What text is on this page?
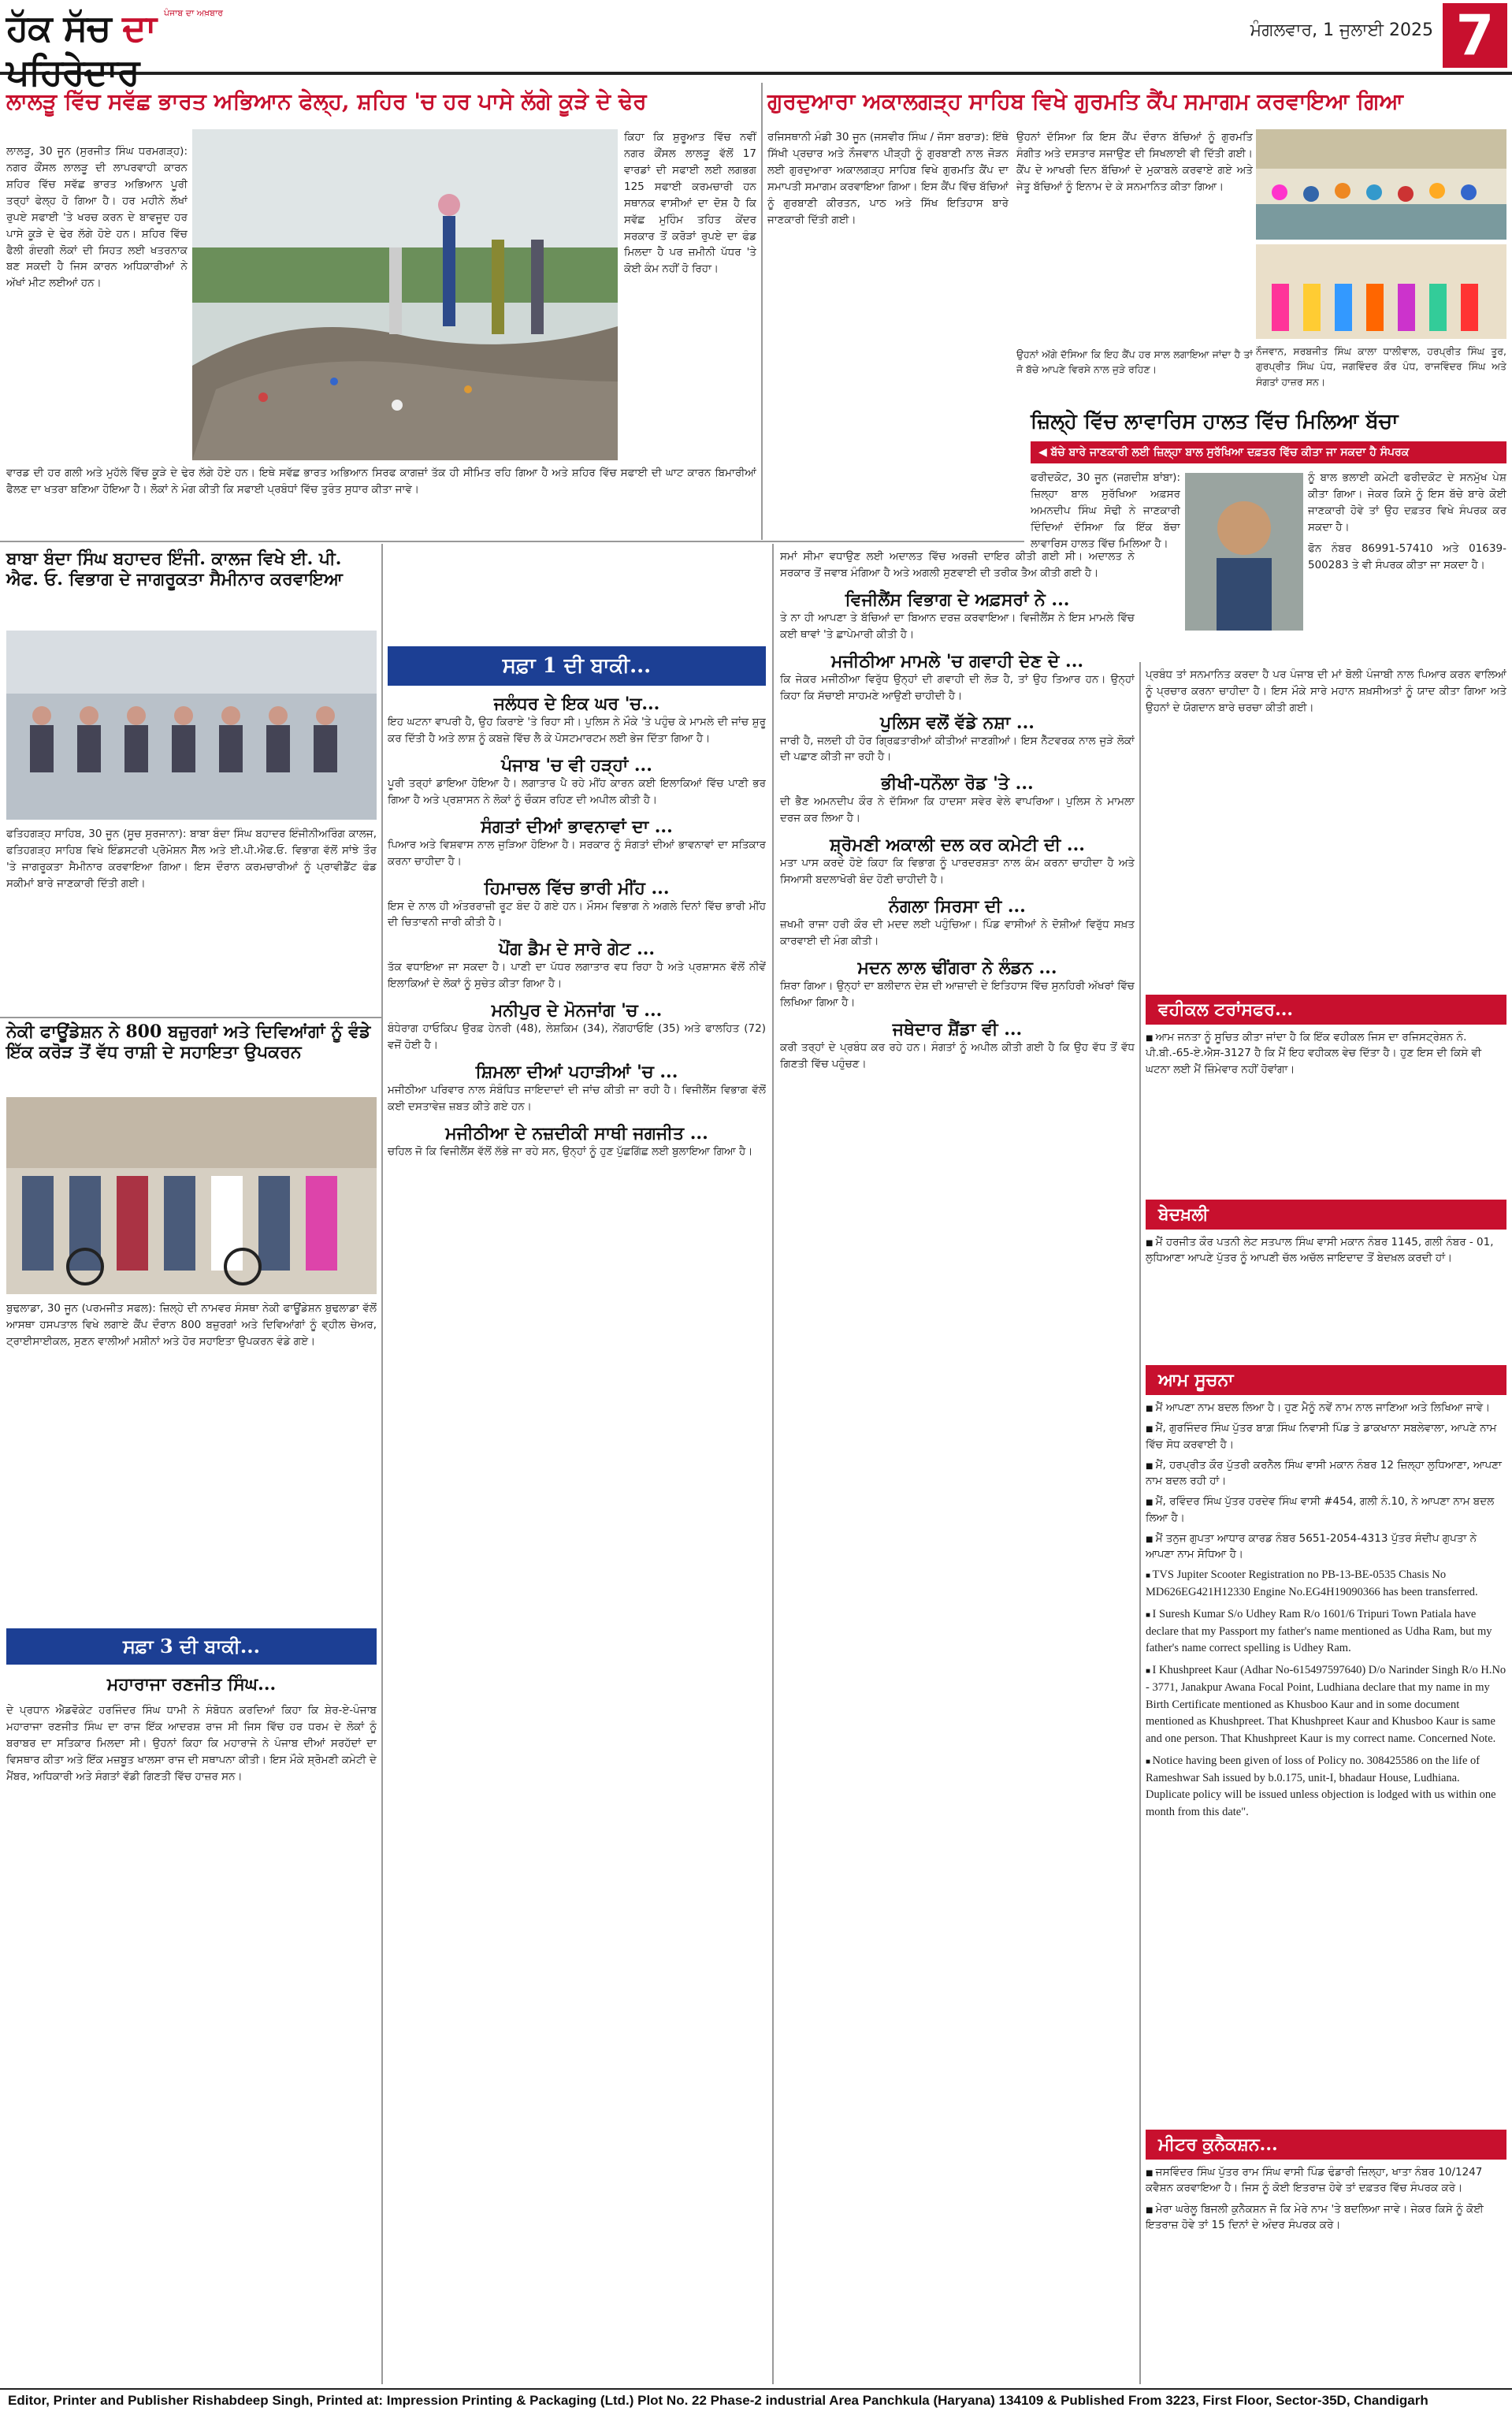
ਹੱਕ ਸੱਚ ਦਾ ਪਹਿਰੇਦਾਰ
ਪੰਜਾਬ ਦਾ ਅਖ਼ਬਾਰ
ਮੰਗਲਵਾਰ, 1 ਜੁਲਾਈ 2025 7
ਲਾਲੜੂ ਵਿੱਚ ਸਵੱਛ ਭਾਰਤ ਅਭਿਆਨ ਫੇਲ੍ਹ, ਸ਼ਹਿਰ 'ਚ ਹਰ ਪਾਸੇ ਲੱਗੇ ਕੂੜੇ ਦੇ ਢੇਰ

ਲਾਲੜੂ, 30 ਜੂਨ (ਸੁਰਜੀਤ ਸਿੰਘ ਧਰਮਗੜ੍ਹ): ਨਗਰ ਕੌਂਸਲ ਲਾਲੜੂ ਦੀ ਲਾਪਰਵਾਹੀ ਕਾਰਨ ਸ਼ਹਿਰ ਵਿੱਚ ਸਵੱਛ ਭਾਰਤ ਅਭਿਆਨ ਪੂਰੀ ਤਰ੍ਹਾਂ ਫੇਲ੍ਹ ਹੋ ਗਿਆ ਹੈ। ਹਰ ਮਹੀਨੇ ਲੱਖਾਂ ਰੁਪਏ ਸਫਾਈ 'ਤੇ ਖਰਚ ਕਰਨ ਦੇ ਬਾਵਜੂਦ ਹਰ ਪਾਸੇ ਕੂੜੇ ਦੇ ਢੇਰ ਲੱਗੇ ਹੋਏ ਹਨ। ਸ਼ਹਿਰ ਵਿੱਚ ਫੈਲੀ ਗੰਦਗੀ ਲੋਕਾਂ ਦੀ ਸਿਹਤ ਲਈ ਖਤਰਨਾਕ ਬਣ ਸਕਦੀ ਹੈ ਜਿਸ ਕਾਰਨ ਅਧਿਕਾਰੀਆਂ ਨੇ ਅੱਖਾਂ ਮੀਟ ਲਈਆਂ ਹਨ।

ਕਿਹਾ ਕਿ ਸ਼ੁਰੂਆਤ ਵਿੱਚ ਨਵੀਂ ਨਗਰ ਕੌਂਸਲ ਲਾਲੜੂ ਵੱਲੋਂ 17 ਵਾਰਡਾਂ ਦੀ ਸਫਾਈ ਲਈ ਲਗਭਗ 125 ਸਫਾਈ ਕਰਮਚਾਰੀ ਹਨ ਸਥਾਨਕ ਵਾਸੀਆਂ ਦਾ ਦੋਸ਼ ਹੈ ਕਿ ਸਵੱਛ ਮੁਹਿੰਮ ਤਹਿਤ ਕੇਂਦਰ ਸਰਕਾਰ ਤੋਂ ਕਰੋੜਾਂ ਰੁਪਏ ਦਾ ਫੰਡ ਮਿਲਦਾ ਹੈ ਪਰ ਜ਼ਮੀਨੀ ਪੱਧਰ 'ਤੇ ਕੋਈ ਕੰਮ ਨਹੀਂ ਹੋ ਰਿਹਾ।

ਵਾਰਡ ਦੀ ਹਰ ਗਲੀ ਅਤੇ ਮੁਹੱਲੇ ਵਿੱਚ ਕੂੜੇ ਦੇ ਢੇਰ ਲੱਗੇ ਹੋਏ ਹਨ। ਇਥੇ ਸਵੱਛ ਭਾਰਤ ਅਭਿਆਨ ਸਿਰਫ ਕਾਗਜ਼ਾਂ ਤੱਕ ਹੀ ਸੀਮਿਤ ਰਹਿ ਗਿਆ ਹੈ ਅਤੇ ਸ਼ਹਿਰ ਵਿੱਚ ਸਫਾਈ ਦੀ ਘਾਟ ਕਾਰਨ ਬਿਮਾਰੀਆਂ ਫੈਲਣ ਦਾ ਖਤਰਾ ਬਣਿਆ ਹੋਇਆ ਹੈ। ਲੋਕਾਂ ਨੇ ਮੰਗ ਕੀਤੀ ਕਿ ਸਫਾਈ ਪ੍ਰਬੰਧਾਂ ਵਿੱਚ ਤੁਰੰਤ ਸੁਧਾਰ ਕੀਤਾ ਜਾਵੇ।

ਗੁਰਦੁਆਰਾ ਅਕਾਲਗੜ੍ਹ ਸਾਹਿਬ ਵਿਖੇ ਗੁਰਮਤਿ ਕੈਂਪ ਸਮਾਗਮ ਕਰਵਾਇਆ ਗਿਆ

ਰਜਿਸਥਾਨੀ ਮੰਡੀ 30 ਜੂਨ (ਜਸਵੀਰ ਸਿੰਘ / ਜੱਸਾ ਬਰਾੜ): ਇੱਥੇ ਸਿੱਖੀ ਪ੍ਰਚਾਰ ਅਤੇ ਨੌਜਵਾਨ ਪੀੜ੍ਹੀ ਨੂੰ ਗੁਰਬਾਣੀ ਨਾਲ ਜੋੜਨ ਲਈ ਗੁਰਦੁਆਰਾ ਅਕਾਲਗੜ੍ਹ ਸਾਹਿਬ ਵਿਖੇ ਗੁਰਮਤਿ ਕੈਂਪ ਦਾ ਸਮਾਪਤੀ ਸਮਾਗਮ ਕਰਵਾਇਆ ਗਿਆ। ਇਸ ਕੈਂਪ ਵਿੱਚ ਬੱਚਿਆਂ ਨੂੰ ਗੁਰਬਾਣੀ ਕੀਰਤਨ, ਪਾਠ ਅਤੇ ਸਿੱਖ ਇਤਿਹਾਸ ਬਾਰੇ ਜਾਣਕਾਰੀ ਦਿੱਤੀ ਗਈ।

ਉਹਨਾਂ ਦੱਸਿਆ ਕਿ ਇਸ ਕੈਂਪ ਦੌਰਾਨ ਬੱਚਿਆਂ ਨੂੰ ਗੁਰਮਤਿ ਸੰਗੀਤ ਅਤੇ ਦਸਤਾਰ ਸਜਾਉਣ ਦੀ ਸਿਖਲਾਈ ਵੀ ਦਿੱਤੀ ਗਈ। ਕੈਂਪ ਦੇ ਆਖਰੀ ਦਿਨ ਬੱਚਿਆਂ ਦੇ ਮੁਕਾਬਲੇ ਕਰਵਾਏ ਗਏ ਅਤੇ ਜੇਤੂ ਬੱਚਿਆਂ ਨੂੰ ਇਨਾਮ ਦੇ ਕੇ ਸਨਮਾਨਿਤ ਕੀਤਾ ਗਿਆ।

ਉਹਨਾਂ ਅੱਗੇ ਦੱਸਿਆ ਕਿ ਇਹ ਕੈਂਪ ਹਰ ਸਾਲ ਲਗਾਇਆ ਜਾਂਦਾ ਹੈ ਤਾਂ ਜੋ ਬੱਚੇ ਆਪਣੇ ਵਿਰਸੇ ਨਾਲ ਜੁੜੇ ਰਹਿਣ।

ਨੌਜਵਾਨ, ਸਰਬਜੀਤ ਸਿੰਘ ਕਾਲਾ ਧਾਲੀਵਾਲ, ਹਰਪ੍ਰੀਤ ਸਿੰਘ ਤੂਰ, ਗੁਰਪ੍ਰੀਤ ਸਿੰਘ ਪੰਧ, ਜਗਵਿੰਦਰ ਕੌਰ ਪੰਧ, ਰਾਜਵਿੰਦਰ ਸਿੰਘ ਅਤੇ ਸੰਗਤਾਂ ਹਾਜ਼ਰ ਸਨ।

ਜ਼ਿਲ੍ਹੇ ਵਿੱਚ ਲਾਵਾਰਿਸ ਹਾਲਤ ਵਿੱਚ ਮਿਲਿਆ ਬੱਚਾ
◀ ਬੱਚੇ ਬਾਰੇ ਜਾਣਕਾਰੀ ਲਈ ਜ਼ਿਲ੍ਹਾ ਬਾਲ ਸੁਰੱਖਿਆ ਦਫ਼ਤਰ ਵਿੱਚ ਕੀਤਾ ਜਾ ਸਕਦਾ ਹੈ ਸੰਪਰਕ

ਫਰੀਦਕੋਟ, 30 ਜੂਨ (ਜਗਦੀਸ਼ ਬਾਂਬਾ): ਜ਼ਿਲ੍ਹਾ ਬਾਲ ਸੁਰੱਖਿਆ ਅਫ਼ਸਰ ਅਮਨਦੀਪ ਸਿੰਘ ਸੋਢੀ ਨੇ ਜਾਣਕਾਰੀ ਦਿੰਦਿਆਂ ਦੱਸਿਆ ਕਿ ਇੱਕ ਬੱਚਾ ਲਾਵਾਰਿਸ ਹਾਲਤ ਵਿੱਚ ਮਿਲਿਆ ਹੈ।

ਨੂੰ ਬਾਲ ਭਲਾਈ ਕਮੇਟੀ ਫਰੀਦਕੋਟ ਦੇ ਸਨਮੁੱਖ ਪੇਸ਼ ਕੀਤਾ ਗਿਆ। ਜੇਕਰ ਕਿਸੇ ਨੂੰ ਇਸ ਬੱਚੇ ਬਾਰੇ ਕੋਈ ਜਾਣਕਾਰੀ ਹੋਵੇ ਤਾਂ ਉਹ ਦਫ਼ਤਰ ਵਿਖੇ ਸੰਪਰਕ ਕਰ ਸਕਦਾ ਹੈ।

ਫੋਨ ਨੰਬਰ 86991-57410 ਅਤੇ 01639-500283 ਤੇ ਵੀ ਸੰਪਰਕ ਕੀਤਾ ਜਾ ਸਕਦਾ ਹੈ।

ਬਾਬਾ ਬੰਦਾ ਸਿੰਘ ਬਹਾਦਰ ਇੰਜੀ. ਕਾਲਜ ਵਿਖੇ ਈ. ਪੀ. ਐਫ. ਓ. ਵਿਭਾਗ ਦੇ ਜਾਗਰੂਕਤਾ ਸੈਮੀਨਾਰ ਕਰਵਾਇਆ

ਫਤਿਹਗੜ੍ਹ ਸਾਹਿਬ, 30 ਜੂਨ (ਸੂਚ ਸੁਰਜਾਨਾ): ਬਾਬਾ ਬੰਦਾ ਸਿੰਘ ਬਹਾਦਰ ਇੰਜੀਨੀਅਰਿੰਗ ਕਾਲਜ, ਫਤਿਹਗੜ੍ਹ ਸਾਹਿਬ ਵਿਖੇ ਇੰਡਸਟਰੀ ਪ੍ਰੋਮੋਸ਼ਨ ਸੈੱਲ ਅਤੇ ਈ.ਪੀ.ਐਫ.ਓ. ਵਿਭਾਗ ਵੱਲੋਂ ਸਾਂਝੇ ਤੌਰ 'ਤੇ ਜਾਗਰੂਕਤਾ ਸੈਮੀਨਾਰ ਕਰਵਾਇਆ ਗਿਆ। ਇਸ ਦੌਰਾਨ ਕਰਮਚਾਰੀਆਂ ਨੂੰ ਪ੍ਰਾਵੀਡੈਂਟ ਫੰਡ ਸਕੀਮਾਂ ਬਾਰੇ ਜਾਣਕਾਰੀ ਦਿੱਤੀ ਗਈ।

ਨੇਕੀ ਫਾਊਂਡੇਸ਼ਨ ਨੇ 800 ਬਜ਼ੁਰਗਾਂ ਅਤੇ ਦਿਵਿਆਂਗਾਂ ਨੂੰ ਵੰਡੇ ਇੱਕ ਕਰੋੜ ਤੋਂ ਵੱਧ ਰਾਸ਼ੀ ਦੇ ਸਹਾਇਤਾ ਉਪਕਰਨ

ਬੁਢਲਾਡਾ, 30 ਜੂਨ (ਪਰਮਜੀਤ ਸਫਲ): ਜ਼ਿਲ੍ਹੇ ਦੀ ਨਾਮਵਰ ਸੰਸਥਾ ਨੇਕੀ ਫਾਊਂਡੇਸ਼ਨ ਬੁਢਲਾਡਾ ਵੱਲੋਂ ਆਸਥਾ ਹਸਪਤਾਲ ਵਿਖੇ ਲਗਾਏ ਕੈਂਪ ਦੌਰਾਨ 800 ਬਜ਼ੁਰਗਾਂ ਅਤੇ ਦਿਵਿਆਂਗਾਂ ਨੂੰ ਵ੍ਹੀਲ ਚੇਅਰ, ਟ੍ਰਾਈਸਾਈਕਲ, ਸੁਣਨ ਵਾਲੀਆਂ ਮਸ਼ੀਨਾਂ ਅਤੇ ਹੋਰ ਸਹਾਇਤਾ ਉਪਕਰਨ ਵੰਡੇ ਗਏ।

ਸਫ਼ਾ 3 ਦੀ ਬਾਕੀ...
ਮਹਾਰਾਜਾ ਰਣਜੀਤ ਸਿੰਘ...

ਦੇ ਪ੍ਰਧਾਨ ਐਡਵੋਕੇਟ ਹਰਜਿੰਦਰ ਸਿੰਘ ਧਾਮੀ ਨੇ ਸੰਬੋਧਨ ਕਰਦਿਆਂ ਕਿਹਾ ਕਿ ਸ਼ੇਰ-ਏ-ਪੰਜਾਬ ਮਹਾਰਾਜਾ ਰਣਜੀਤ ਸਿੰਘ ਦਾ ਰਾਜ ਇੱਕ ਆਦਰਸ਼ ਰਾਜ ਸੀ ਜਿਸ ਵਿੱਚ ਹਰ ਧਰਮ ਦੇ ਲੋਕਾਂ ਨੂੰ ਬਰਾਬਰ ਦਾ ਸਤਿਕਾਰ ਮਿਲਦਾ ਸੀ। ਉਹਨਾਂ ਕਿਹਾ ਕਿ ਮਹਾਰਾਜੇ ਨੇ ਪੰਜਾਬ ਦੀਆਂ ਸਰਹੱਦਾਂ ਦਾ ਵਿਸਥਾਰ ਕੀਤਾ ਅਤੇ ਇੱਕ ਮਜ਼ਬੂਤ ਖਾਲਸਾ ਰਾਜ ਦੀ ਸਥਾਪਨਾ ਕੀਤੀ। ਇਸ ਮੌਕੇ ਸ਼੍ਰੋਮਣੀ ਕਮੇਟੀ ਦੇ ਮੈਂਬਰ, ਅਧਿਕਾਰੀ ਅਤੇ ਸੰਗਤਾਂ ਵੱਡੀ ਗਿਣਤੀ ਵਿੱਚ ਹਾਜ਼ਰ ਸਨ।

ਸਫ਼ਾ 1 ਦੀ ਬਾਕੀ...
ਜਲੰਧਰ ਦੇ ਇਕ ਘਰ 'ਚ...

ਇਹ ਘਟਨਾ ਵਾਪਰੀ ਹੈ, ਉਹ ਕਿਰਾਏ 'ਤੇ ਰਿਹਾ ਸੀ। ਪੁਲਿਸ ਨੇ ਮੌਕੇ 'ਤੇ ਪਹੁੰਚ ਕੇ ਮਾਮਲੇ ਦੀ ਜਾਂਚ ਸ਼ੁਰੂ ਕਰ ਦਿੱਤੀ ਹੈ ਅਤੇ ਲਾਸ਼ ਨੂੰ ਕਬਜ਼ੇ ਵਿੱਚ ਲੈ ਕੇ ਪੋਸਟਮਾਰਟਮ ਲਈ ਭੇਜ ਦਿੱਤਾ ਗਿਆ ਹੈ।

ਪੰਜਾਬ 'ਚ ਵੀ ਹੜ੍ਹਾਂ ...

ਪੂਰੀ ਤਰ੍ਹਾਂ ਡਾਇਆ ਹੋਇਆ ਹੈ। ਲਗਾਤਾਰ ਪੈ ਰਹੇ ਮੀਂਹ ਕਾਰਨ ਕਈ ਇਲਾਕਿਆਂ ਵਿੱਚ ਪਾਣੀ ਭਰ ਗਿਆ ਹੈ ਅਤੇ ਪ੍ਰਸ਼ਾਸਨ ਨੇ ਲੋਕਾਂ ਨੂੰ ਚੌਕਸ ਰਹਿਣ ਦੀ ਅਪੀਲ ਕੀਤੀ ਹੈ।

ਸੰਗਤਾਂ ਦੀਆਂ ਭਾਵਨਾਵਾਂ ਦਾ ...

ਪਿਆਰ ਅਤੇ ਵਿਸ਼ਵਾਸ ਨਾਲ ਜੁੜਿਆ ਹੋਇਆ ਹੈ। ਸਰਕਾਰ ਨੂੰ ਸੰਗਤਾਂ ਦੀਆਂ ਭਾਵਨਾਵਾਂ ਦਾ ਸਤਿਕਾਰ ਕਰਨਾ ਚਾਹੀਦਾ ਹੈ।

ਹਿਮਾਚਲ ਵਿੱਚ ਭਾਰੀ ਮੀਂਹ ...

ਇਸ ਦੇ ਨਾਲ ਹੀ ਅੰਤਰਰਾਜ਼ੀ ਰੂਟ ਬੰਦ ਹੋ ਗਏ ਹਨ। ਮੌਸਮ ਵਿਭਾਗ ਨੇ ਅਗਲੇ ਦਿਨਾਂ ਵਿੱਚ ਭਾਰੀ ਮੀਂਹ ਦੀ ਚਿਤਾਵਨੀ ਜਾਰੀ ਕੀਤੀ ਹੈ।

ਪੌਂਗ ਡੈਮ ਦੇ ਸਾਰੇ ਗੇਟ ...

ਤੱਕ ਵਧਾਇਆ ਜਾ ਸਕਦਾ ਹੈ। ਪਾਣੀ ਦਾ ਪੱਧਰ ਲਗਾਤਾਰ ਵਧ ਰਿਹਾ ਹੈ ਅਤੇ ਪ੍ਰਸ਼ਾਸਨ ਵੱਲੋਂ ਨੀਵੇਂ ਇਲਾਕਿਆਂ ਦੇ ਲੋਕਾਂ ਨੂੰ ਸੁਚੇਤ ਕੀਤਾ ਗਿਆ ਹੈ।

ਮਨੀਪੁਰ ਦੇ ਮੋਨਜਾਂਗ 'ਚ ...

ਬੰਧੇਰਾਗ ਹਾਓਕਿਪ ਉਰਫ਼ ਹੇਨਰੀ (48), ਲੇਸ਼ਕਿਮ (34), ਨੇਂਗਹਾਓਇ (35) ਅਤੇ ਫਾਲਹਿਤ (72) ਵਜੋਂ ਹੋਈ ਹੈ।

ਸ਼ਿਮਲਾ ਦੀਆਂ ਪਹਾੜੀਆਂ 'ਚ ...

ਮਜੀਠੀਆ ਪਰਿਵਾਰ ਨਾਲ ਸੰਬੰਧਿਤ ਜਾਇਦਾਦਾਂ ਦੀ ਜਾਂਚ ਕੀਤੀ ਜਾ ਰਹੀ ਹੈ। ਵਿਜੀਲੈਂਸ ਵਿਭਾਗ ਵੱਲੋਂ ਕਈ ਦਸਤਾਵੇਜ਼ ਜ਼ਬਤ ਕੀਤੇ ਗਏ ਹਨ।

ਮਜੀਠੀਆ ਦੇ ਨਜ਼ਦੀਕੀ ਸਾਥੀ ਜਗਜੀਤ ...

ਚਹਿਲ ਜੋ ਕਿ ਵਿਜੀਲੈਂਸ ਵੱਲੋਂ ਲੱਭੇ ਜਾ ਰਹੇ ਸਨ, ਉਨ੍ਹਾਂ ਨੂੰ ਹੁਣ ਪੁੱਛਗਿੱਛ ਲਈ ਬੁਲਾਇਆ ਗਿਆ ਹੈ।

ਸਮਾਂ ਸੀਮਾ ਵਧਾਉਣ ਲਈ ਅਦਾਲਤ ਵਿੱਚ ਅਰਜ਼ੀ ਦਾਇਰ ਕੀਤੀ ਗਈ ਸੀ। ਅਦਾਲਤ ਨੇ ਸਰਕਾਰ ਤੋਂ ਜਵਾਬ ਮੰਗਿਆ ਹੈ ਅਤੇ ਅਗਲੀ ਸੁਣਵਾਈ ਦੀ ਤਰੀਕ ਤੈਅ ਕੀਤੀ ਗਈ ਹੈ।

ਵਿਜੀਲੈਂਸ ਵਿਭਾਗ ਦੇ ਅਫ਼ਸਰਾਂ ਨੇ ...

ਤੇ ਨਾ ਹੀ ਆਪਣਾ ਤੇ ਬੱਚਿਆਂ ਦਾ ਬਿਆਨ ਦਰਜ਼ ਕਰਵਾਇਆ। ਵਿਜੀਲੈਂਸ ਨੇ ਇਸ ਮਾਮਲੇ ਵਿੱਚ ਕਈ ਥਾਵਾਂ 'ਤੇ ਛਾਪੇਮਾਰੀ ਕੀਤੀ ਹੈ।

ਮਜੀਠੀਆ ਮਾਮਲੇ 'ਚ ਗਵਾਹੀ ਦੇਣ ਦੇ ...

ਕਿ ਜੇਕਰ ਮਜੀਠੀਆ ਵਿਰੁੱਧ ਉਨ੍ਹਾਂ ਦੀ ਗਵਾਹੀ ਦੀ ਲੋੜ ਹੈ, ਤਾਂ ਉਹ ਤਿਆਰ ਹਨ। ਉਨ੍ਹਾਂ ਕਿਹਾ ਕਿ ਸੱਚਾਈ ਸਾਹਮਣੇ ਆਉਣੀ ਚਾਹੀਦੀ ਹੈ।

ਪੁਲਿਸ ਵਲੋਂ ਵੱਡੇ ਨਸ਼ਾ ...

ਜਾਰੀ ਹੈ, ਜਲਦੀ ਹੀ ਹੋਰ ਗ੍ਰਿਫ਼ਤਾਰੀਆਂ ਕੀਤੀਆਂ ਜਾਣਗੀਆਂ। ਇਸ ਨੈੱਟਵਰਕ ਨਾਲ ਜੁੜੇ ਲੋਕਾਂ ਦੀ ਪਛਾਣ ਕੀਤੀ ਜਾ ਰਹੀ ਹੈ।

ਭੀਖੀ-ਧਨੌਲਾ ਰੋਡ 'ਤੇ ...

ਦੀ ਭੈਣ ਅਮਨਦੀਪ ਕੌਰ ਨੇ ਦੱਸਿਆ ਕਿ ਹਾਦਸਾ ਸਵੇਰ ਵੇਲੇ ਵਾਪਰਿਆ। ਪੁਲਿਸ ਨੇ ਮਾਮਲਾ ਦਰਜ ਕਰ ਲਿਆ ਹੈ।

ਸ਼੍ਰੋਮਣੀ ਅਕਾਲੀ ਦਲ ਕਰ ਕਮੇਟੀ ਦੀ ...

ਮਤਾ ਪਾਸ ਕਰਦੇ ਹੋਏ ਕਿਹਾ ਕਿ ਵਿਭਾਗ ਨੂੰ ਪਾਰਦਰਸ਼ਤਾ ਨਾਲ ਕੰਮ ਕਰਨਾ ਚਾਹੀਦਾ ਹੈ ਅਤੇ ਸਿਆਸੀ ਬਦਲਾਖੋਰੀ ਬੰਦ ਹੋਣੀ ਚਾਹੀਦੀ ਹੈ।

ਨੰਗਲਾ ਸਿਰਸਾ ਦੀ ...

ਜ਼ਖਮੀ ਰਾਜਾ ਹਰੀ ਕੌਰ ਦੀ ਮਦਦ ਲਈ ਪਹੁੰਚਿਆ। ਪਿੰਡ ਵਾਸੀਆਂ ਨੇ ਦੋਸ਼ੀਆਂ ਵਿਰੁੱਧ ਸਖ਼ਤ ਕਾਰਵਾਈ ਦੀ ਮੰਗ ਕੀਤੀ।

ਮਦਨ ਲਾਲ ਢੀਂਗਰਾ ਨੇ ਲੰਡਨ ...

ਸ਼ਿਰਾ ਗਿਆ। ਉਨ੍ਹਾਂ ਦਾ ਬਲੀਦਾਨ ਦੇਸ਼ ਦੀ ਆਜ਼ਾਦੀ ਦੇ ਇਤਿਹਾਸ ਵਿੱਚ ਸੁਨਹਿਰੀ ਅੱਖਰਾਂ ਵਿੱਚ ਲਿਖਿਆ ਗਿਆ ਹੈ।

ਜਥੇਦਾਰ ਸ਼ੈਂਡਾ ਵੀ ...

ਕਰੀ ਤਰ੍ਹਾਂ ਦੇ ਪ੍ਰਬੰਧ ਕਰ ਰਹੇ ਹਨ। ਸੰਗਤਾਂ ਨੂੰ ਅਪੀਲ ਕੀਤੀ ਗਈ ਹੈ ਕਿ ਉਹ ਵੱਧ ਤੋਂ ਵੱਧ ਗਿਣਤੀ ਵਿੱਚ ਪਹੁੰਚਣ।

ਪ੍ਰਬੰਧ ਤਾਂ ਸਨਮਾਨਿਤ ਕਰਦਾ ਹੈ ਪਰ ਪੰਜਾਬ ਦੀ ਮਾਂ ਬੋਲੀ ਪੰਜਾਬੀ ਨਾਲ ਪਿਆਰ ਕਰਨ ਵਾਲਿਆਂ ਨੂੰ ਪ੍ਰਚਾਰ ਕਰਨਾ ਚਾਹੀਦਾ ਹੈ। ਇਸ ਮੌਕੇ ਸਾਰੇ ਮਹਾਨ ਸ਼ਖ਼ਸੀਅਤਾਂ ਨੂੰ ਯਾਦ ਕੀਤਾ ਗਿਆ ਅਤੇ ਉਹਨਾਂ ਦੇ ਯੋਗਦਾਨ ਬਾਰੇ ਚਰਚਾ ਕੀਤੀ ਗਈ।

ਵਹੀਕਲ ਟਰਾਂਸਫਰ...

■ ਆਮ ਜਨਤਾ ਨੂੰ ਸੂਚਿਤ ਕੀਤਾ ਜਾਂਦਾ ਹੈ ਕਿ ਇੱਕ ਵਹੀਕਲ ਜਿਸ ਦਾ ਰਜਿਸਟ੍ਰੇਸ਼ਨ ਨੰ. ਪੀ.ਬੀ.-65-ਏ.ਐਸ-3127 ਹੈ ਕਿ ਮੈਂ ਇਹ ਵਹੀਕਲ ਵੇਚ ਦਿੱਤਾ ਹੈ। ਹੁਣ ਇਸ ਦੀ ਕਿਸੇ ਵੀ ਘਟਨਾ ਲਈ ਮੈਂ ਜ਼ਿੰਮੇਵਾਰ ਨਹੀਂ ਹੋਵਾਂਗਾ।

ਬੇਦਖ਼ਲੀ

■ ਮੈਂ ਹਰਜੀਤ ਕੌਰ ਪਤਨੀ ਲੇਟ ਸਤਪਾਲ ਸਿੰਘ ਵਾਸੀ ਮਕਾਨ ਨੰਬਰ 1145, ਗਲੀ ਨੰਬਰ - 01, ਲੁਧਿਆਣਾ ਆਪਣੇ ਪੁੱਤਰ ਨੂੰ ਆਪਣੀ ਚੱਲ ਅਚੱਲ ਜਾਇਦਾਦ ਤੋਂ ਬੇਦਖ਼ਲ ਕਰਦੀ ਹਾਂ।

ਆਮ ਸੂਚਨਾ

■ ਮੈਂ ਆਪਣਾ ਨਾਮ ਬਦਲ ਲਿਆ ਹੈ। ਹੁਣ ਮੈਨੂੰ ਨਵੇਂ ਨਾਮ ਨਾਲ ਜਾਣਿਆ ਅਤੇ ਲਿਖਿਆ ਜਾਵੇ।

■ ਮੈਂ, ਗੁਰਜਿੰਦਰ ਸਿੰਘ ਪੁੱਤਰ ਬਾਗ਼ ਸਿੰਘ ਨਿਵਾਸੀ ਪਿੰਡ ਤੇ ਡਾਕਖਾਨਾ ਸਬਲੇਵਾਲਾ, ਆਪਣੇ ਨਾਮ ਵਿੱਚ ਸੋਧ ਕਰਵਾਈ ਹੈ।

■ ਮੈਂ, ਹਰਪ੍ਰੀਤ ਕੌਰ ਪੁੱਤਰੀ ਕਰਨੈਲ ਸਿੰਘ ਵਾਸੀ ਮਕਾਨ ਨੰਬਰ 12 ਜ਼ਿਲ੍ਹਾ ਲੁਧਿਆਣਾ, ਆਪਣਾ ਨਾਮ ਬਦਲ ਰਹੀ ਹਾਂ।

■ ਮੈਂ, ਰਵਿੰਦਰ ਸਿੰਘ ਪੁੱਤਰ ਹਰਦੇਵ ਸਿੰਘ ਵਾਸੀ #454, ਗਲੀ ਨੰ.10, ਨੇ ਆਪਣਾ ਨਾਮ ਬਦਲ ਲਿਆ ਹੈ।

■ ਮੈਂ ਤਨੁਜ ਗੁਪਤਾ ਆਧਾਰ ਕਾਰਡ ਨੰਬਰ 5651-2054-4313 ਪੁੱਤਰ ਸੰਦੀਪ ਗੁਪਤਾ ਨੇ ਆਪਣਾ ਨਾਮ ਸੋਧਿਆ ਹੈ।

■ TVS Jupiter Scooter Registration no PB-13-BE-0535 Chasis No MD626EG421H12330 Engine No.EG4H19090366 has been transferred.

■ I Suresh Kumar S/o Udhey Ram R/o 1601/6 Tripuri Town Patiala have declare that my Passport my father's name mentioned as Udha Ram, but my father's name correct spelling is Udhey Ram.

■ I Khushpreet Kaur (Adhar No-615497597640) D/o Narinder Singh R/o H.No - 3771, Janakpur Awana Focal Point, Ludhiana declare that my name in my Birth Certificate mentioned as Khusboo Kaur and in some document mentioned as Khushpreet. That Khushpreet Kaur and Khusboo Kaur is same and one person. That Khushpreet Kaur is my correct name. Concerned Note.

■ Notice having been given of loss of Policy no. 308425586 on the life of Rameshwar Sah issued by b.0.175, unit-I, bhadaur House, Ludhiana. Duplicate policy will be issued unless objection is lodged with us within one month from this date".

ਮੀਟਰ ਕੁਨੈਕਸ਼ਨ...

■ ਜਸਵਿੰਦਰ ਸਿੰਘ ਪੁੱਤਰ ਰਾਮ ਸਿੰਘ ਵਾਸੀ ਪਿੰਡ ਢੰਡਾਰੀ ਜ਼ਿਲ੍ਹਾ, ਖਾਤਾ ਨੰਬਰ 10/1247 ਕਵੈਸ਼ਨ ਕਰਵਾਇਆ ਹੈ। ਜਿਸ ਨੂੰ ਕੋਈ ਇਤਰਾਜ਼ ਹੋਵੇ ਤਾਂ ਦਫ਼ਤਰ ਵਿੱਚ ਸੰਪਰਕ ਕਰੇ।

■ ਮੇਰਾ ਘਰੇਲੂ ਬਿਜਲੀ ਕੁਨੈਕਸ਼ਨ ਜੋ ਕਿ ਮੇਰੇ ਨਾਮ 'ਤੇ ਬਦਲਿਆ ਜਾਵੇ। ਜੇਕਰ ਕਿਸੇ ਨੂੰ ਕੋਈ ਇਤਰਾਜ਼ ਹੋਵੇ ਤਾਂ 15 ਦਿਨਾਂ ਦੇ ਅੰਦਰ ਸੰਪਰਕ ਕਰੇ।

Editor, Printer and Publisher Rishabdeep Singh, Printed at: Impression Printing & Packaging (Ltd.) Plot No. 22 Phase-2 industrial Area Panchkula (Haryana) 134109 & Published From 3223, First Floor, Sector-35D, Chandigarh
